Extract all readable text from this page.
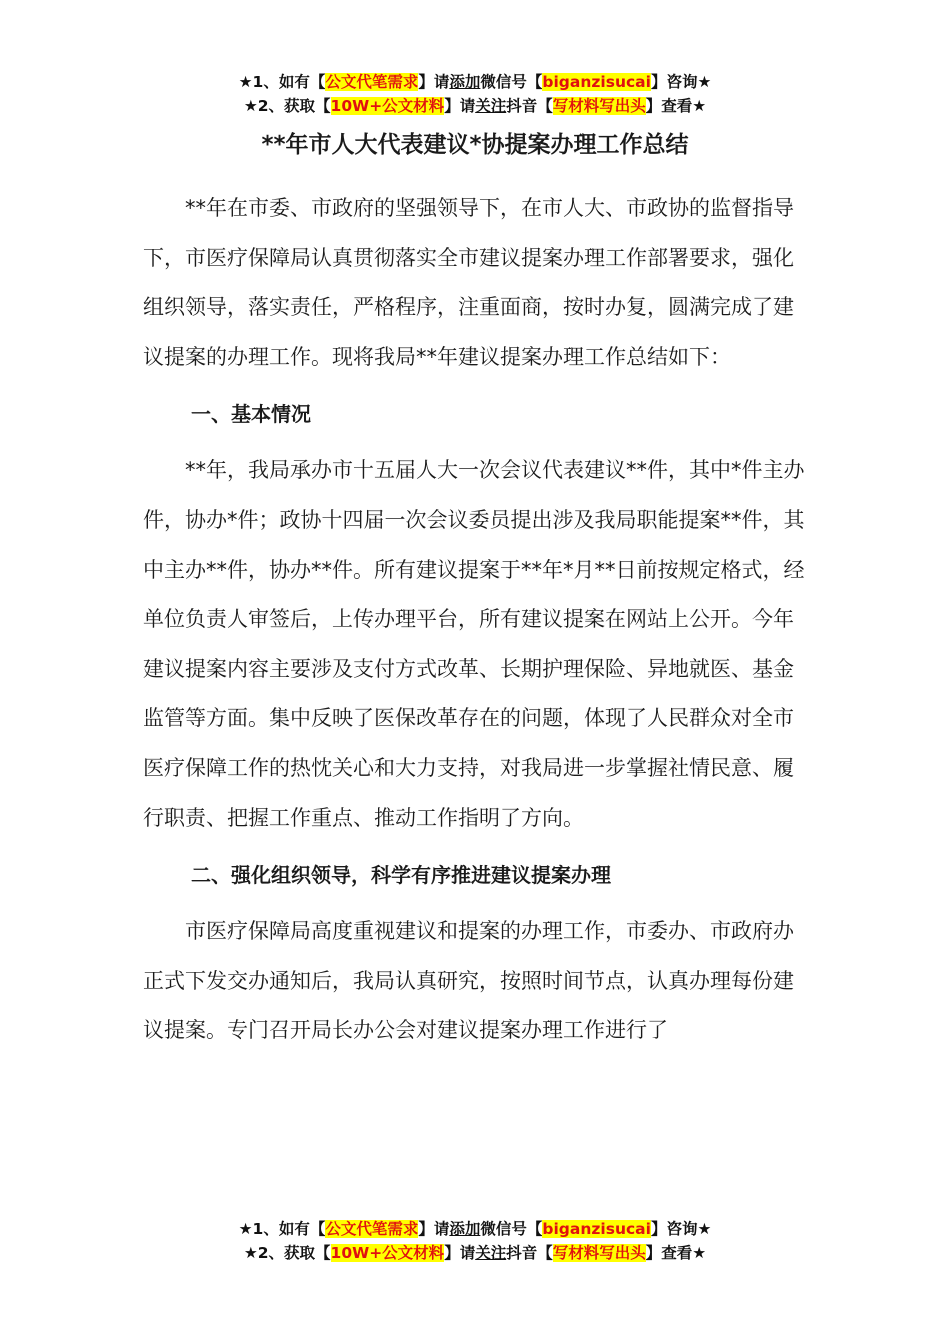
★1、如有【公文代笔需求】请添加微信号【biganzisucai】咨询★
★2、获取【10W+公文材料】请关注抖音【写材料写出头】查看★
**年市人大代表建议*协提案办理工作总结

**年在市委、市政府的坚强领导下，在市人大、市政协的监督指导下，市医疗保障局认真贯彻落实全市建议提案办理工作部署要求，强化组织领导，落实责任，严格程序，注重面商，按时办复，圆满完成了建议提案的办理工作。现将我局**年建议提案办理工作总结如下：

一、基本情况

**年，我局承办市十五届人大一次会议代表建议**件，其中*件主办件，协办*件；政协十四届一次会议委员提出涉及我局职能提案**件，其中主办**件，协办**件。所有建议提案于**年*月**日前按规定格式，经单位负责人审签后，上传办理平台，所有建议提案在网站上公开。今年建议提案内容主要涉及支付方式改革、长期护理保险、异地就医、基金监管等方面。集中反映了医保改革存在的问题，体现了人民群众对全市医疗保障工作的热忱关心和大力支持，对我局进一步掌握社情民意、履行职责、把握工作重点、推动工作指明了方向。

二、强化组织领导，科学有序推进建议提案办理

市医疗保障局高度重视建议和提案的办理工作，市委办、市政府办正式下发交办通知后，我局认真研究，按照时间节点，认真办理每份建议提案。专门召开局长办公会对建议提案办理工作进行了

★1、如有【公文代笔需求】请添加微信号【biganzisucai】咨询★
★2、获取【10W+公文材料】请关注抖音【写材料写出头】查看★
